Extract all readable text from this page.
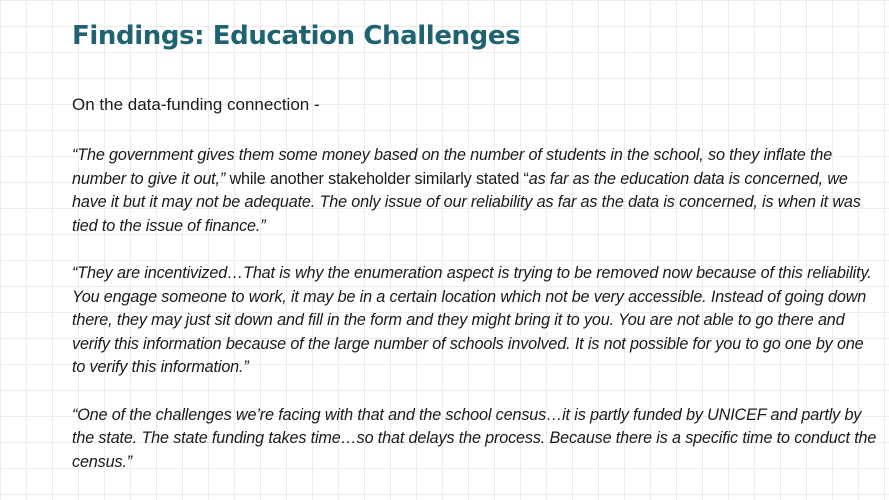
Findings: Education Challenges

On the data-funding connection -

“The government gives them some money based on the number of students in the school, so they inflate the number to give it out,” while another stakeholder similarly stated “as far as the education data is concerned, we have it but it may not be adequate. The only issue of our reliability as far as the data is concerned, is when it was tied to the issue of finance.”

“They are incentivized…That is why the enumeration aspect is trying to be removed now because of this reliability. You engage someone to work, it may be in a certain location which not be very accessible. Instead of going down there, they may just sit down and fill in the form and they might bring it to you. You are not able to go there and verify this information because of the large number of schools involved. It is not possible for you to go one by one to verify this information.”

“One of the challenges we’re facing with that and the school census…it is partly funded by UNICEF and partly by the state. The state funding takes time…so that delays the process. Because there is a specific time to conduct the census.”
